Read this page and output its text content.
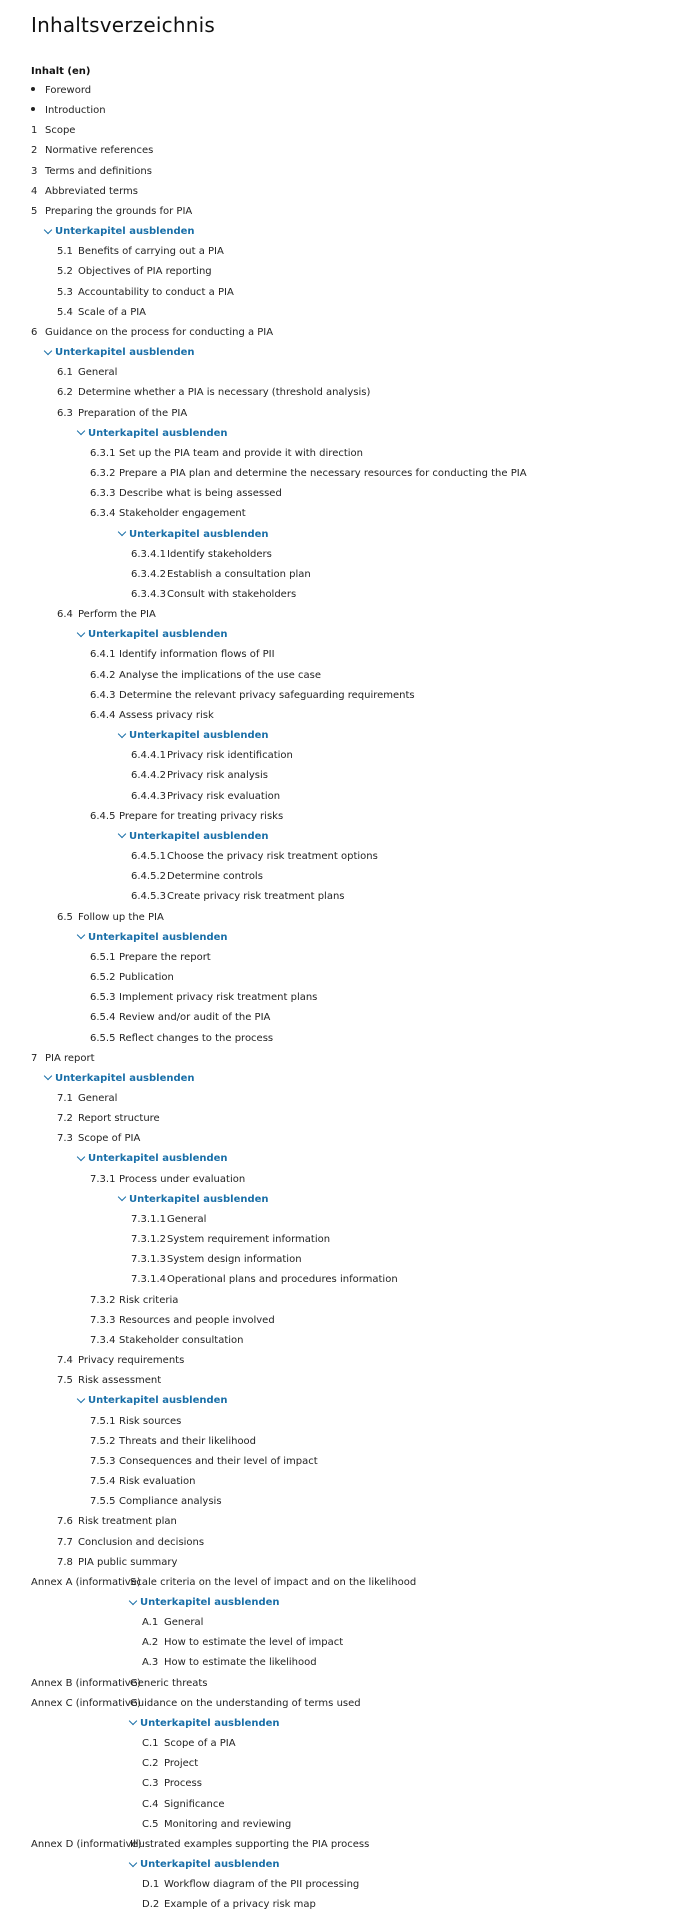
Inhaltsverzeichnis
Inhalt (en)
Foreword
Introduction
1 Scope
2 Normative references
3 Terms and definitions
4 Abbreviated terms
5 Preparing the grounds for PIA
Unterkapitel ausblenden
5.1 Benefits of carrying out a PIA
5.2 Objectives of PIA reporting
5.3 Accountability to conduct a PIA
5.4 Scale of a PIA
6 Guidance on the process for conducting a PIA
Unterkapitel ausblenden
6.1 General
6.2 Determine whether a PIA is necessary (threshold analysis)
6.3 Preparation of the PIA
Unterkapitel ausblenden
6.3.1 Set up the PIA team and provide it with direction
6.3.2 Prepare a PIA plan and determine the necessary resources for conducting the PIA
6.3.3 Describe what is being assessed
6.3.4 Stakeholder engagement
Unterkapitel ausblenden
6.3.4.1Identify stakeholders
6.3.4.2Establish a consultation plan
6.3.4.3Consult with stakeholders
6.4 Perform the PIA
Unterkapitel ausblenden
6.4.1 Identify information flows of PII
6.4.2 Analyse the implications of the use case
6.4.3 Determine the relevant privacy safeguarding requirements
6.4.4 Assess privacy risk
Unterkapitel ausblenden
6.4.4.1Privacy risk identification
6.4.4.2Privacy risk analysis
6.4.4.3Privacy risk evaluation
6.4.5 Prepare for treating privacy risks
Unterkapitel ausblenden
6.4.5.1Choose the privacy risk treatment options
6.4.5.2Determine controls
6.4.5.3Create privacy risk treatment plans
6.5 Follow up the PIA
Unterkapitel ausblenden
6.5.1 Prepare the report
6.5.2 Publication
6.5.3 Implement privacy risk treatment plans
6.5.4 Review and/or audit of the PIA
6.5.5 Reflect changes to the process
7 PIA report
Unterkapitel ausblenden
7.1 General
7.2 Report structure
7.3 Scope of PIA
Unterkapitel ausblenden
7.3.1 Process under evaluation
Unterkapitel ausblenden
7.3.1.1General
7.3.1.2System requirement information
7.3.1.3System design information
7.3.1.4Operational plans and procedures information
7.3.2 Risk criteria
7.3.3 Resources and people involved
7.3.4 Stakeholder consultation
7.4 Privacy requirements
7.5 Risk assessment
Unterkapitel ausblenden
7.5.1 Risk sources
7.5.2 Threats and their likelihood
7.5.3 Consequences and their level of impact
7.5.4 Risk evaluation
7.5.5 Compliance analysis
7.6 Risk treatment plan
7.7 Conclusion and decisions
7.8 PIA public summary
Annex A (informative)Scale criteria on the level of impact and on the likelihood
Unterkapitel ausblenden
A.1 General
A.2 How to estimate the level of impact
A.3 How to estimate the likelihood
Annex B (informative)Generic threats
Annex C (informative)Guidance on the understanding of terms used
Unterkapitel ausblenden
C.1 Scope of a PIA
C.2 Project
C.3 Process
C.4 Significance
C.5 Monitoring and reviewing
Annex D (informative)Illustrated examples supporting the PIA process
Unterkapitel ausblenden
D.1 Workflow diagram of the PII processing
D.2 Example of a privacy risk map
